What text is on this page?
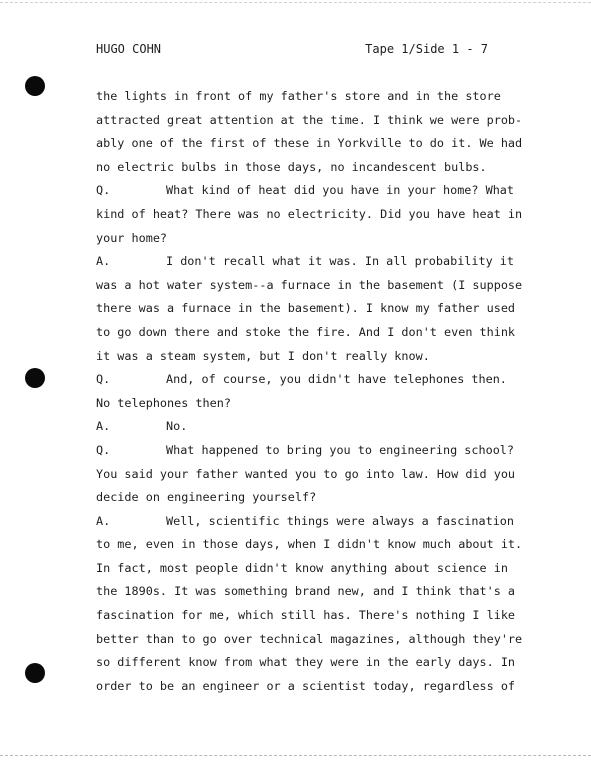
HUGO COHN	Tape 1/Side 1 - 7
the lights in front of my father's store and in the store
attracted great attention at the time. I think we were prob-
ably one of the first of these in Yorkville to do it. We had
no electric bulbs in those days, no incandescent bulbs.
Q.	What kind of heat did you have in your home? What
kind of heat? There was no electricity. Did you have heat in
your home?
A.	I don't recall what it was. In all probability it
was a hot water system--a furnace in the basement (I suppose
there was a furnace in the basement). I know my father used
to go down there and stoke the fire. And I don't even think
it was a steam system, but I don't really know.
Q.	And, of course, you didn't have telephones then.
No telephones then?
A.	No.
Q.	What happened to bring you to engineering school?
You said your father wanted you to go into law. How did you
decide on engineering yourself?
A.	Well, scientific things were always a fascination
to me, even in those days, when I didn't know much about it.
In fact, most people didn't know anything about science in
the 1890s. It was something brand new, and I think that's a
fascination for me, which still has. There's nothing I like
better than to go over technical magazines, although they're
so different know from what they were in the early days. In
order to be an engineer or a scientist today, regardless of
